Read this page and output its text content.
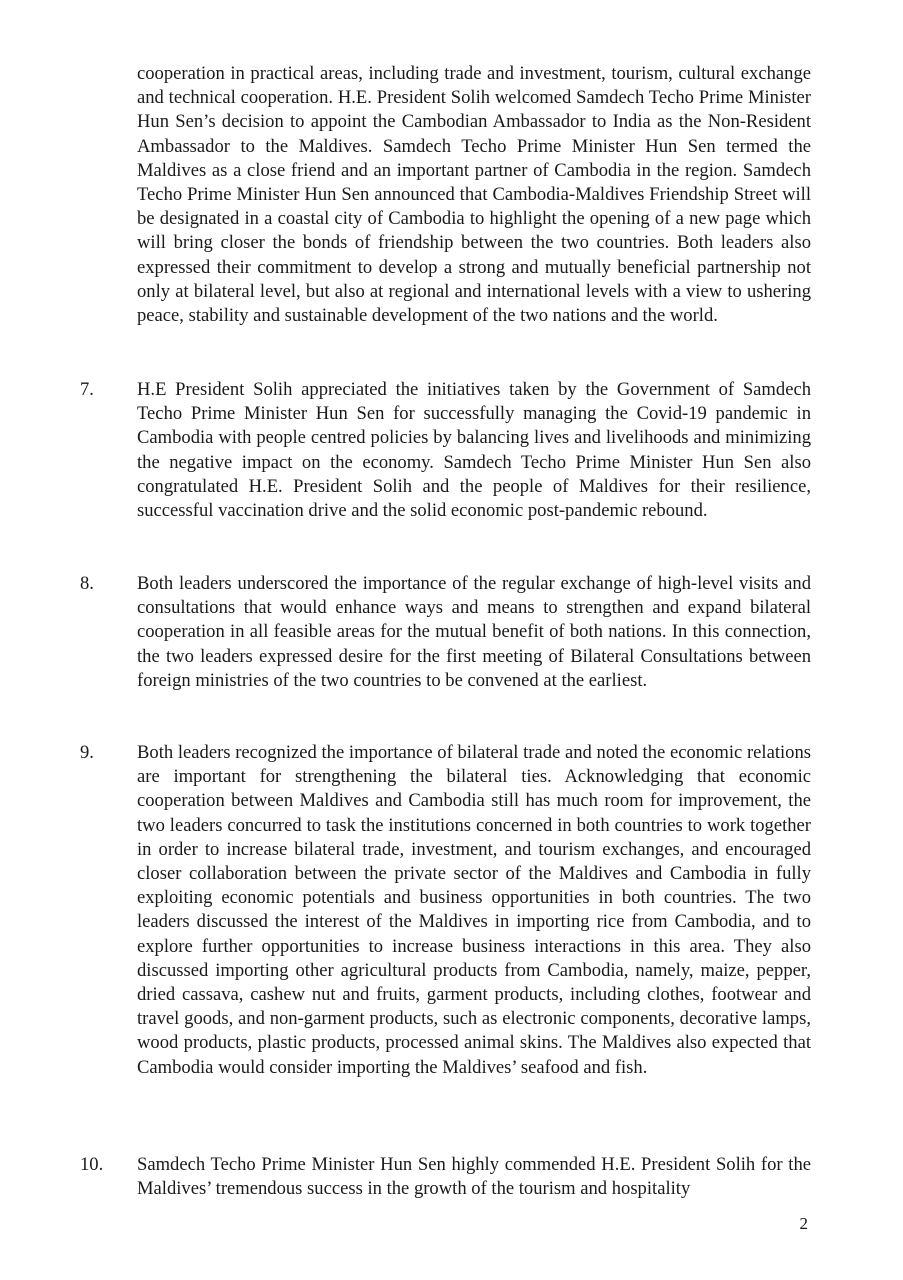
cooperation in practical areas, including trade and investment, tourism, cultural exchange and technical cooperation. H.E. President Solih welcomed Samdech Techo Prime Minister Hun Sen’s decision to appoint the Cambodian Ambassador to India as the Non-Resident Ambassador to the Maldives. Samdech Techo Prime Minister Hun Sen termed the Maldives as a close friend and an important partner of Cambodia in the region. Samdech Techo Prime Minister Hun Sen announced that Cambodia-Maldives Friendship Street will be designated in a coastal city of Cambodia to highlight the opening of a new page which will bring closer the bonds of friendship between the two countries. Both leaders also expressed their commitment to develop a strong and mutually beneficial partnership not only at bilateral level, but also at regional and international levels with a view to ushering peace, stability and sustainable development of the two nations and the world.

7. H.E President Solih appreciated the initiatives taken by the Government of Samdech Techo Prime Minister Hun Sen for successfully managing the Covid-19 pandemic in Cambodia with people centred policies by balancing lives and livelihoods and minimizing the negative impact on the economy. Samdech Techo Prime Minister Hun Sen also congratulated H.E. President Solih and the people of Maldives for their resilience, successful vaccination drive and the solid economic post-pandemic rebound.

8. Both leaders underscored the importance of the regular exchange of high-level visits and consultations that would enhance ways and means to strengthen and expand bilateral cooperation in all feasible areas for the mutual benefit of both nations. In this connection, the two leaders expressed desire for the first meeting of Bilateral Consultations between foreign ministries of the two countries to be convened at the earliest.

9. Both leaders recognized the importance of bilateral trade and noted the economic relations are important for strengthening the bilateral ties. Acknowledging that economic cooperation between Maldives and Cambodia still has much room for improvement, the two leaders concurred to task the institutions concerned in both countries to work together in order to increase bilateral trade, investment, and tourism exchanges, and encouraged closer collaboration between the private sector of the Maldives and Cambodia in fully exploiting economic potentials and business opportunities in both countries. The two leaders discussed the interest of the Maldives in importing rice from Cambodia, and to explore further opportunities to increase business interactions in this area. They also discussed importing other agricultural products from Cambodia, namely, maize, pepper, dried cassava, cashew nut and fruits, garment products, including clothes, footwear and travel goods, and non-garment products, such as electronic components, decorative lamps, wood products, plastic products, processed animal skins. The Maldives also expected that Cambodia would consider importing the Maldives’ seafood and fish.

10. Samdech Techo Prime Minister Hun Sen highly commended H.E. President Solih for the Maldives’ tremendous success in the growth of the tourism and hospitality

2
